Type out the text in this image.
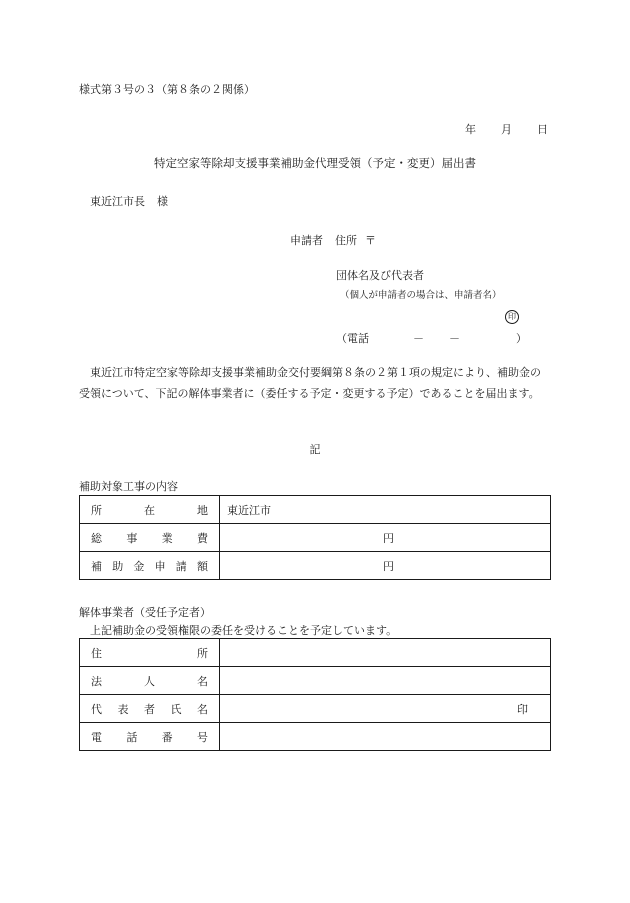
様式第３号の３（第８条の２関係）
年 月 日
特定空家等除却支援事業補助金代理受領（予定・変更）届出書
東近江市長 様
申請者 住所 〒
団体名及び代表者
（個人が申請者の場合は、申請者名）
印
（電話	－ －	）
東近江市特定空家等除却支援事業補助金交付要綱第８条の２第１項の規定により、補助金の受領について、下記の解体事業者に（委任する予定・変更する予定）であることを届出ます。
記
補助対象工事の内容
所在地	東近江市
総事業費	円
補助金申請額	円
解体事業者（受任予定者）
上記補助金の受領権限の委任を受けることを予定しています。
住所	
法人名	
代表者氏名	印
電話番号	
